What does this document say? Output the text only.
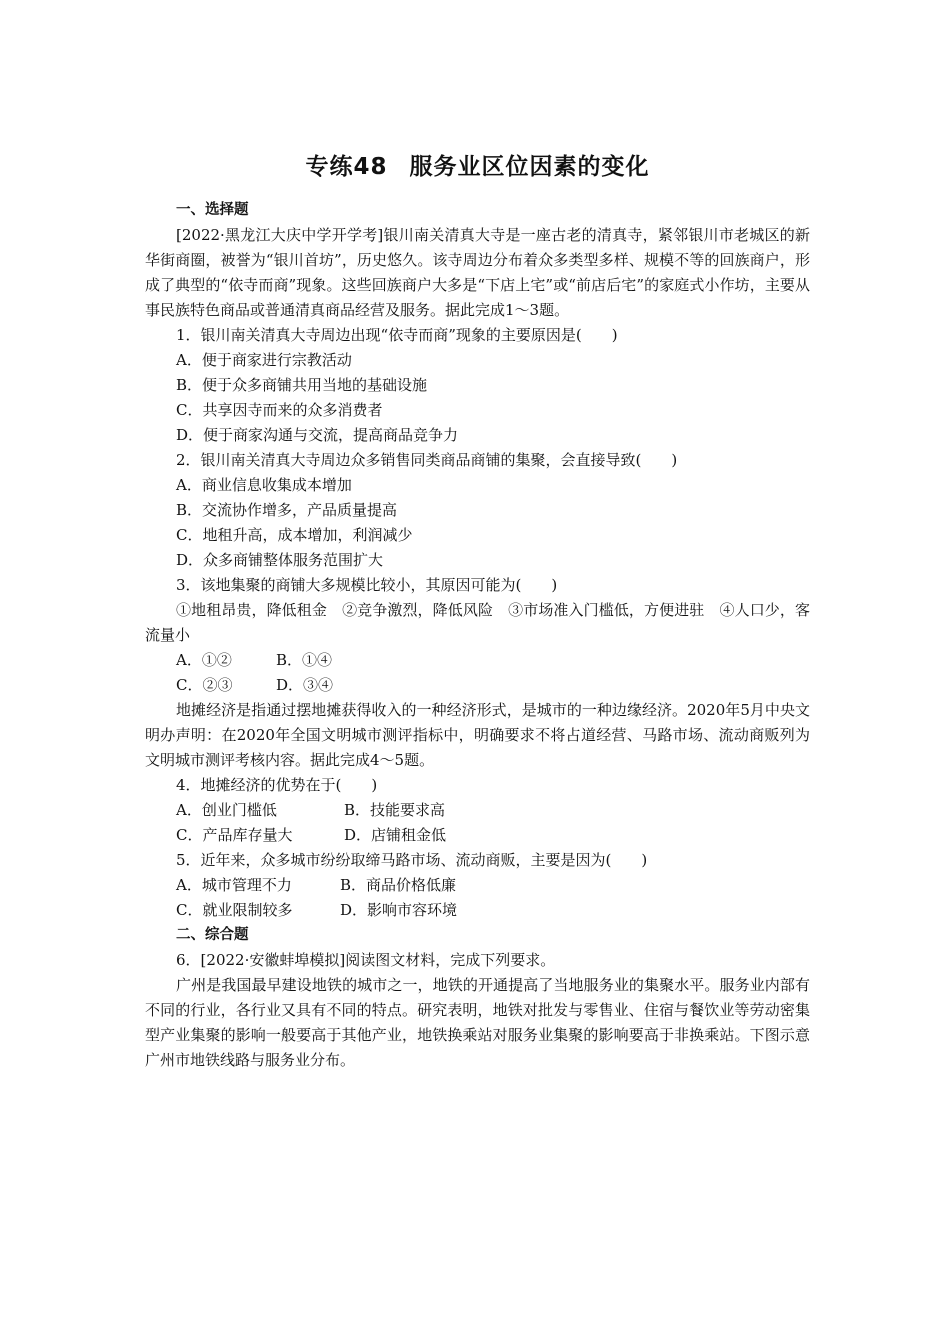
专练48 服务业区位因素的变化

一、选择题

[2022·黑龙江大庆中学开学考]银川南关清真大寺是一座古老的清真寺，紧邻银川市老城区的新华街商圈，被誉为“银川首坊”，历史悠久。该寺周边分布着众多类型多样、规模不等的回族商户，形成了典型的“依寺而商”现象。这些回族商户大多是“下店上宅”或“前店后宅”的家庭式小作坊，主要从事民族特色商品或普通清真商品经营及服务。据此完成1～3题。

1．银川南关清真大寺周边出现“依寺而商”现象的主要原因是(　　)

A．便于商家进行宗教活动

B．便于众多商铺共用当地的基础设施

C．共享因寺而来的众多消费者

D．便于商家沟通与交流，提高商品竞争力

2．银川南关清真大寺周边众多销售同类商品商铺的集聚，会直接导致(　　)

A．商业信息收集成本增加

B．交流协作增多，产品质量提高

C．地租升高，成本增加，利润减少

D．众多商铺整体服务范围扩大

3．该地集聚的商铺大多规模比较小，其原因可能为(　　)

①地租昂贵，降低租金　②竞争激烈，降低风险　③市场准入门槛低，方便进驻　④人口少，客流量小

A．①②	B．①④

C．②③	D．③④

地摊经济是指通过摆地摊获得收入的一种经济形式，是城市的一种边缘经济。2020年5月中央文明办声明：在2020年全国文明城市测评指标中，明确要求不将占道经营、马路市场、流动商贩列为文明城市测评考核内容。据此完成4～5题。

4．地摊经济的优势在于(　　)

A．创业门槛低	B．技能要求高

C．产品库存量大	D．店铺租金低

5．近年来，众多城市纷纷取缔马路市场、流动商贩，主要是因为(　　)

A．城市管理不力	B．商品价格低廉

C．就业限制较多	D．影响市容环境

二、综合题

6．[2022·安徽蚌埠模拟]阅读图文材料，完成下列要求。

广州是我国最早建设地铁的城市之一，地铁的开通提高了当地服务业的集聚水平。服务业内部有不同的行业，各行业又具有不同的特点。研究表明，地铁对批发与零售业、住宿与餐饮业等劳动密集型产业集聚的影响一般要高于其他产业，地铁换乘站对服务业集聚的影响要高于非换乘站。下图示意广州市地铁线路与服务业分布。
